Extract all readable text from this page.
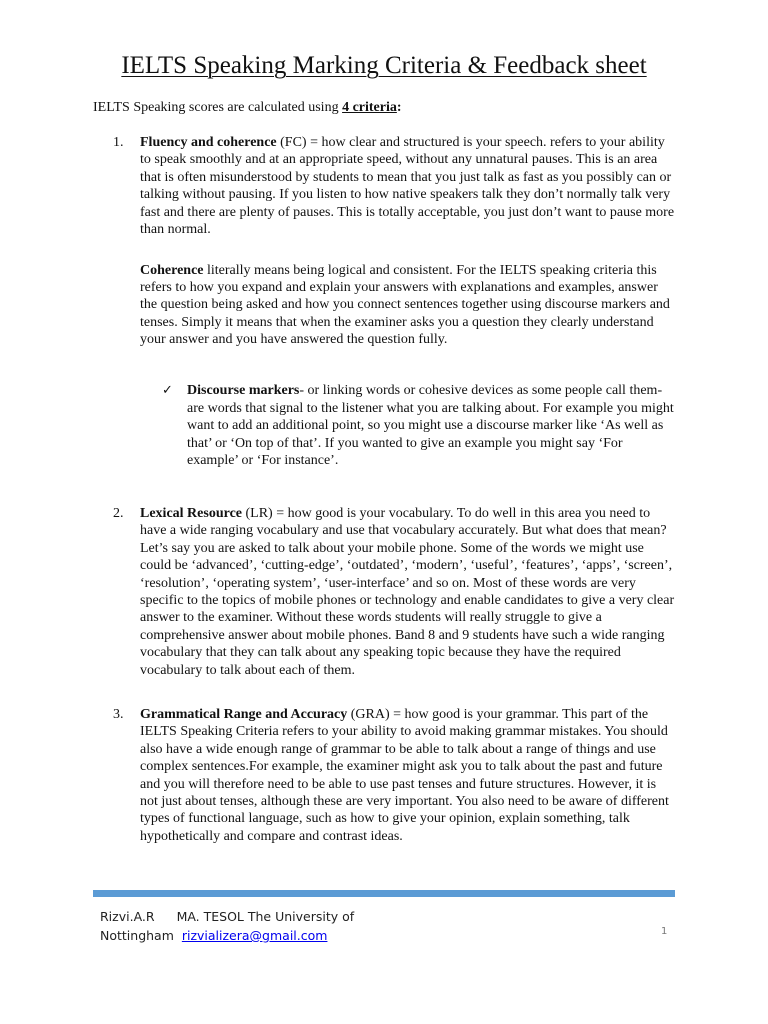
IELTS Speaking Marking Criteria & Feedback sheet
IELTS Speaking scores are calculated using 4 criteria:
1. Fluency and coherence (FC) = how clear and structured is your speech. refers to your ability to speak smoothly and at an appropriate speed, without any unnatural pauses. This is an area that is often misunderstood by students to mean that you just talk as fast as you possibly can or talking without pausing. If you listen to how native speakers talk they don’t normally talk very fast and there are plenty of pauses. This is totally acceptable, you just don’t want to pause more than normal.
Coherence literally means being logical and consistent. For the IELTS speaking criteria this refers to how you expand and explain your answers with explanations and examples, answer the question being asked and how you connect sentences together using discourse markers and tenses. Simply it means that when the examiner asks you a question they clearly understand your answer and you have answered the question fully.
✓ Discourse markers- or linking words or cohesive devices as some people call them- are words that signal to the listener what you are talking about. For example you might want to add an additional point, so you might use a discourse marker like ‘As well as that’ or ‘On top of that’. If you wanted to give an example you might say ‘For example’ or ‘For instance’.
2. Lexical Resource (LR) = how good is your vocabulary. To do well in this area you need to have a wide ranging vocabulary and use that vocabulary accurately. But what does that mean? Let’s say you are asked to talk about your mobile phone. Some of the words we might use could be ‘advanced’, ‘cutting-edge’, ‘outdated’, ‘modern’, ‘useful’, ‘features’, ‘apps’, ‘screen’, ‘resolution’, ‘operating system’, ‘user-interface’ and so on. Most of these words are very specific to the topics of mobile phones or technology and enable candidates to give a very clear answer to the examiner. Without these words students will really struggle to give a comprehensive answer about mobile phones. Band 8 and 9 students have such a wide ranging vocabulary that they can talk about any speaking topic because they have the required vocabulary to talk about each of them.
3. Grammatical Range and Accuracy (GRA) = how good is your grammar. This part of the IELTS Speaking Criteria refers to your ability to avoid making grammar mistakes. You should also have a wide enough range of grammar to be able to talk about a range of things and use complex sentences.For example, the examiner might ask you to talk about the past and future and you will therefore need to be able to use past tenses and future structures. However, it is not just about tenses, although these are very important. You also need to be aware of different types of functional language, such as how to give your opinion, explain something, talk hypothetically and compare and contrast ideas.
Rizvi.A.R MA. TESOL The University of
Nottingham rizvializera@gmail.com	1
